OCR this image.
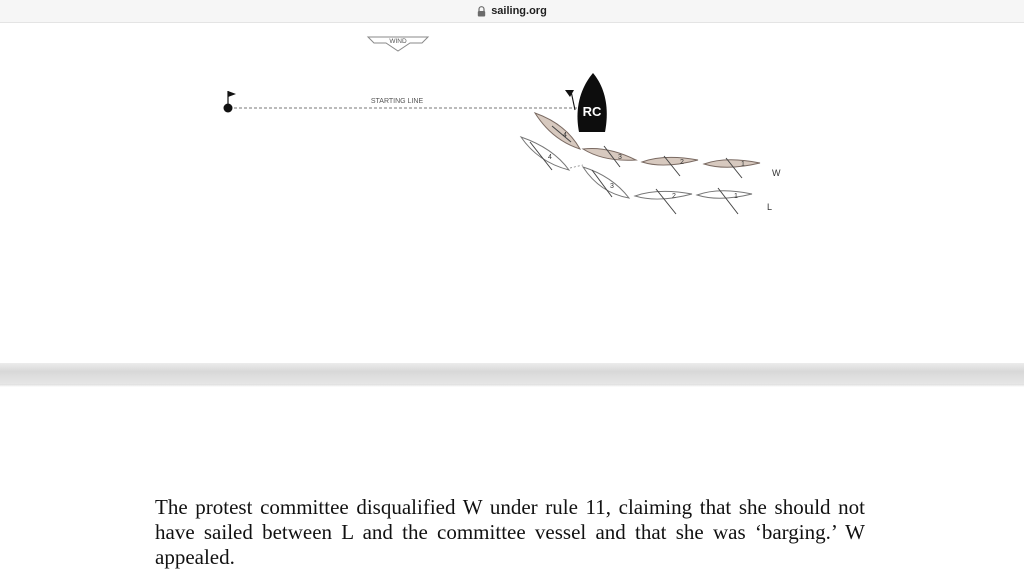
sailing.org
WIND
STARTING LINE
RC
1
2
3
4
1
2
3
4
W
L

The protest committee disqualified W under rule 11, claiming that she should not have sailed between L and the committee vessel and that she was ‘barging.’ W appealed.
